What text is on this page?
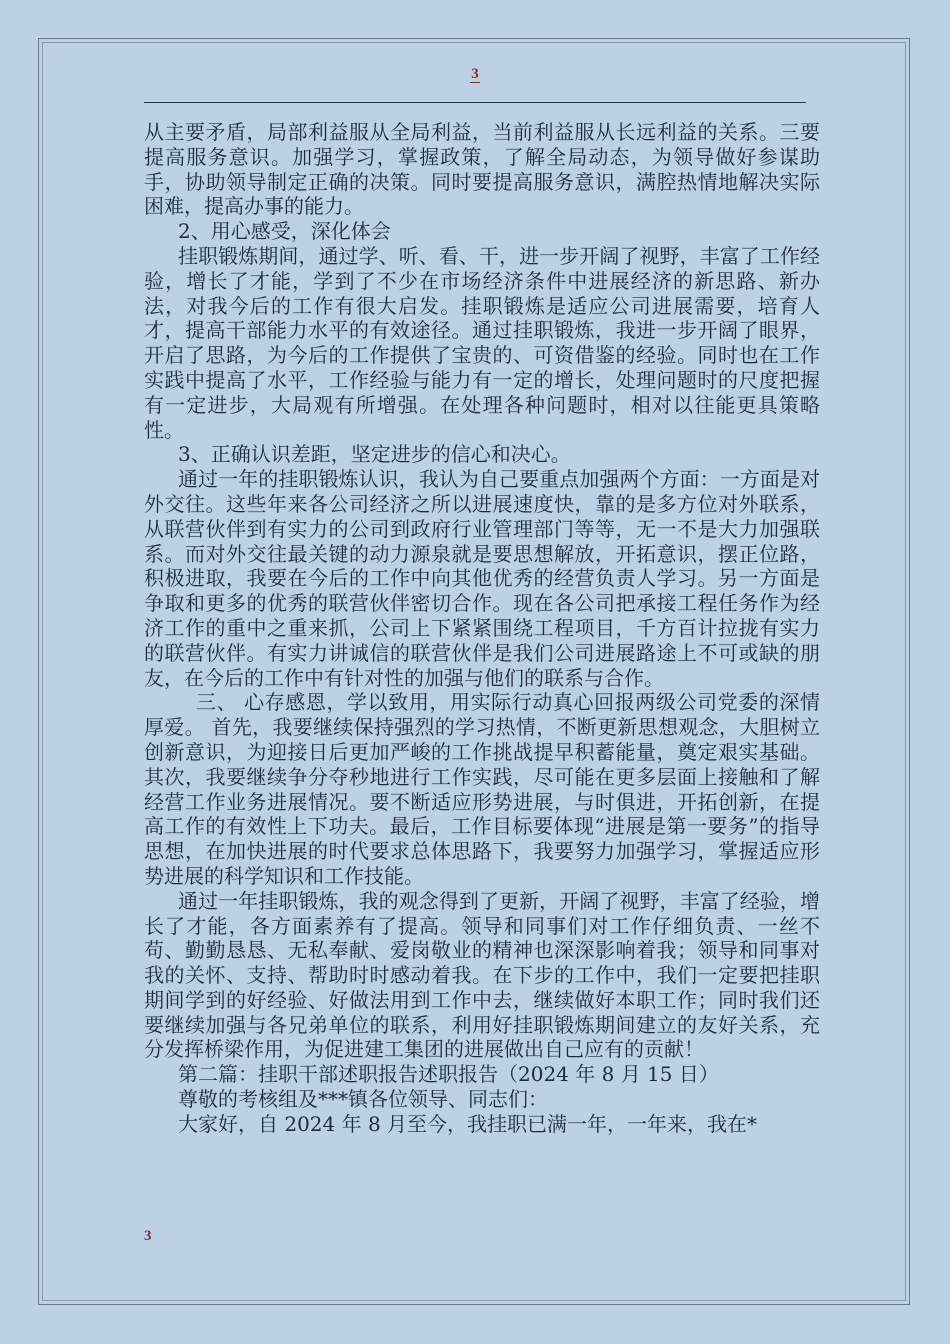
3

从主要矛盾，局部利益服从全局利益，当前利益服从长远利益的关系。三要提高服务意识。加强学习，掌握政策，了解全局动态，为领导做好参谋助手，协助领导制定正确的决策。同时要提高服务意识，满腔热情地解决实际困难，提高办事的能力。

2、用心感受，深化体会

挂职锻炼期间，通过学、听、看、干，进一步开阔了视野，丰富了工作经验，增长了才能，学到了不少在市场经济条件中进展经济的新思路、新办法，对我今后的工作有很大启发。挂职锻炼是适应公司进展需要，培育人才，提高干部能力水平的有效途径。通过挂职锻炼，我进一步开阔了眼界，开启了思路，为今后的工作提供了宝贵的、可资借鉴的经验。同时也在工作实践中提高了水平，工作经验与能力有一定的增长，处理问题时的尺度把握有一定进步，大局观有所增强。在处理各种问题时，相对以往能更具策略性。

3、正确认识差距，坚定进步的信心和决心。

通过一年的挂职锻炼认识，我认为自己要重点加强两个方面：一方面是对外交往。这些年来各公司经济之所以进展速度快，靠的是多方位对外联系，从联营伙伴到有实力的公司到政府行业管理部门等等，无一不是大力加强联系。而对外交往最关键的动力源泉就是要思想解放，开拓意识，摆正位路，积极进取，我要在今后的工作中向其他优秀的经营负责人学习。另一方面是争取和更多的优秀的联营伙伴密切合作。现在各公司把承接工程任务作为经济工作的重中之重来抓，公司上下紧紧围绕工程项目，千方百计拉拢有实力的联营伙伴。有实力讲诚信的联营伙伴是我们公司进展路途上不可或缺的朋友，在今后的工作中有针对性的加强与他们的联系与合作。

三、 心存感恩，学以致用，用实际行动真心回报两级公司党委的深情厚爱。 首先，我要继续保持强烈的学习热情，不断更新思想观念，大胆树立创新意识，为迎接日后更加严峻的工作挑战提早积蓄能量，奠定艰实基础。 其次，我要继续争分夺秒地进行工作实践，尽可能在更多层面上接触和了解经营工作业务进展情况。要不断适应形势进展，与时俱进，开拓创新，在提高工作的有效性上下功夫。最后，工作目标要体现“进展是第一要务”的指导思想，在加快进展的时代要求总体思路下，我要努力加强学习，掌握适应形势进展的科学知识和工作技能。

通过一年挂职锻炼，我的观念得到了更新，开阔了视野，丰富了经验，增长了才能，各方面素养有了提高。领导和同事们对工作仔细负责、一丝不苟、勤勤恳恳、无私奉献、爱岗敬业的精神也深深影响着我；领导和同事对我的关怀、支持、帮助时时感动着我。在下步的工作中，我们一定要把挂职期间学到的好经验、好做法用到工作中去，继续做好本职工作；同时我们还要继续加强与各兄弟单位的联系，利用好挂职锻炼期间建立的友好关系，充分发挥桥梁作用，为促进建工集团的进展做出自己应有的贡献！

第二篇：挂职干部述职报告述职报告（2024 年 8 月 15 日）

尊敬的考核组及***镇各位领导、同志们：

大家好，自 2024 年 8 月至今，我挂职已满一年，一年来，我在*

3
